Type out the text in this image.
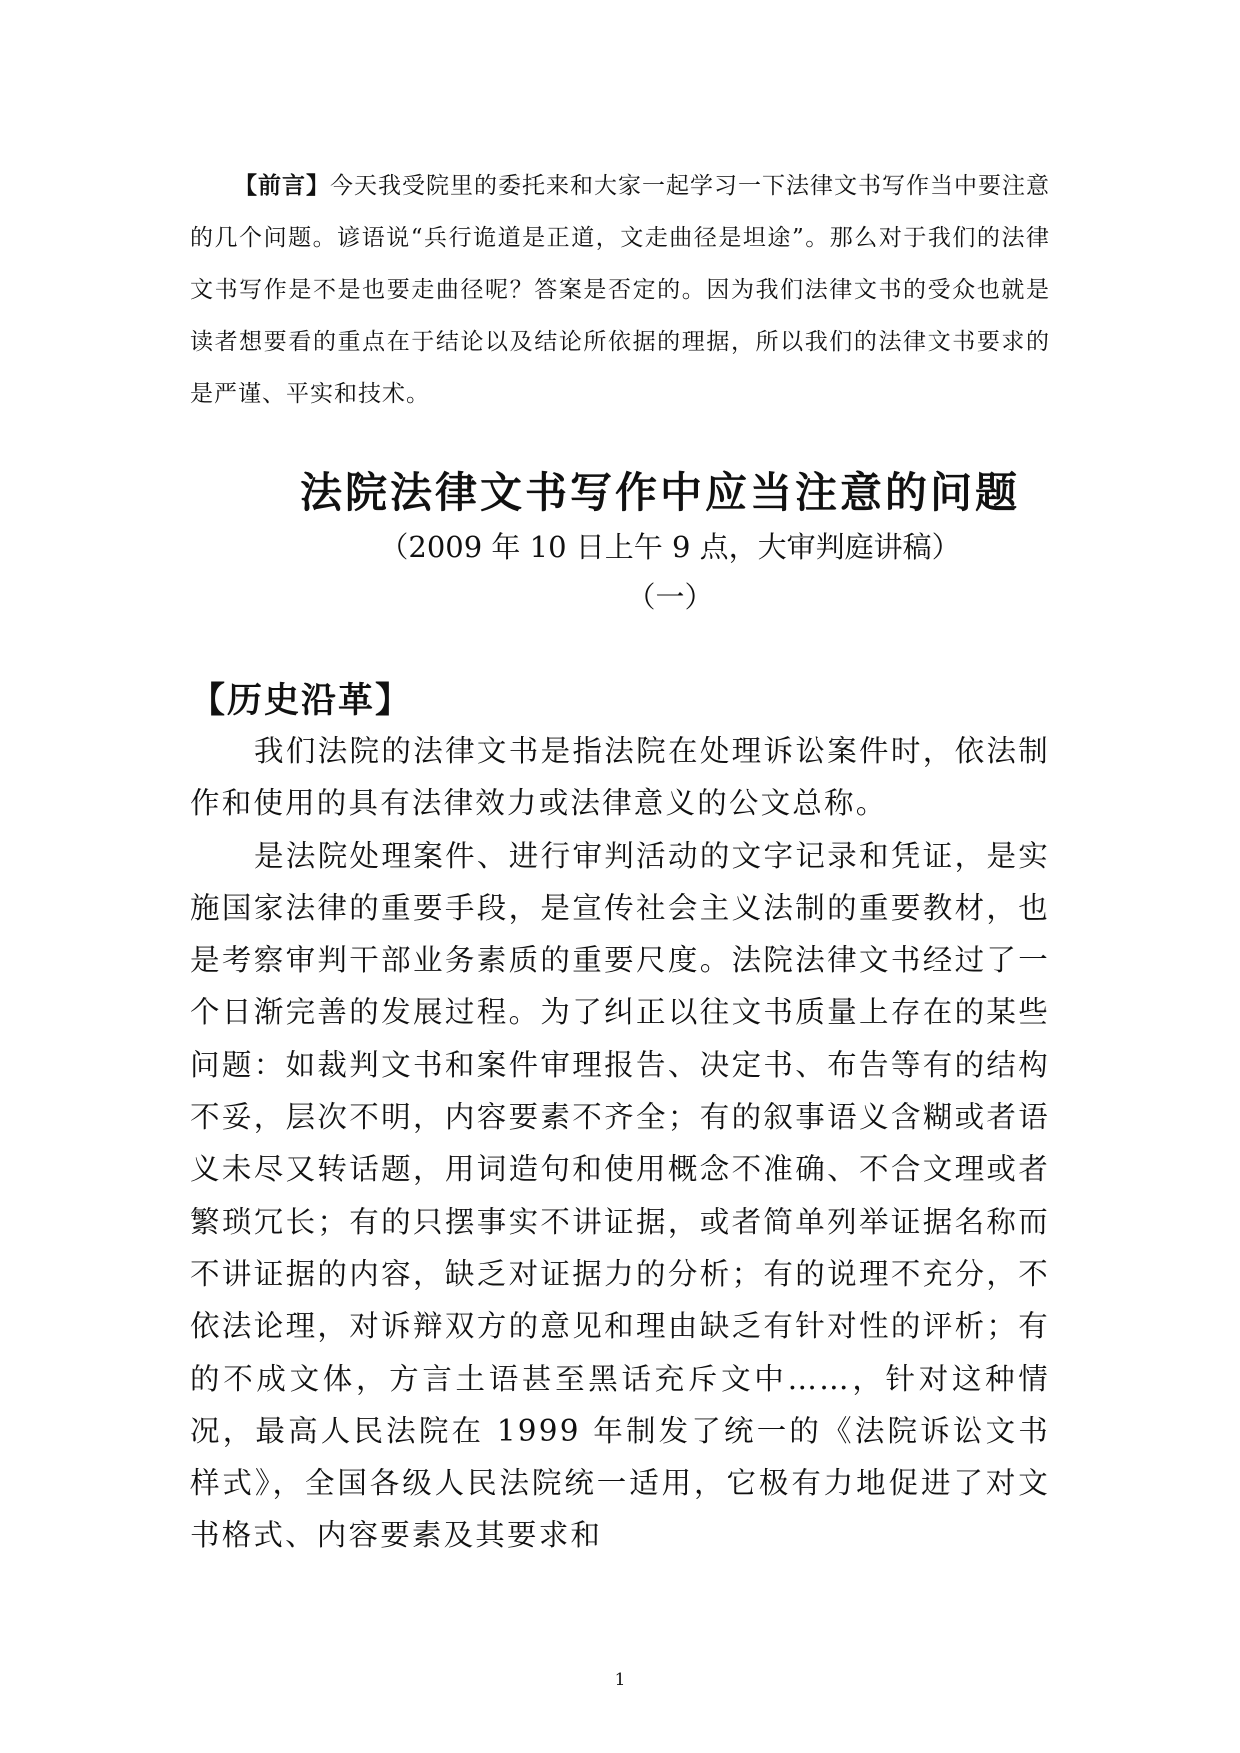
【前言】今天我受院里的委托来和大家一起学习一下法律文书写作当中要注意的几个问题。谚语说“兵行诡道是正道，文走曲径是坦途”。那么对于我们的法律文书写作是不是也要走曲径呢？答案是否定的。因为我们法律文书的受众也就是读者想要看的重点在于结论以及结论所依据的理据，所以我们的法律文书要求的是严谨、平实和技术。

法院法律文书写作中应当注意的问题

（2009 年 10 日上午 9 点，大审判庭讲稿）

（一）

【历史沿革】

我们法院的法律文书是指法院在处理诉讼案件时，依法制作和使用的具有法律效力或法律意义的公文总称。

是法院处理案件、进行审判活动的文字记录和凭证，是实施国家法律的重要手段，是宣传社会主义法制的重要教材，也是考察审判干部业务素质的重要尺度。法院法律文书经过了一个日渐完善的发展过程。为了纠正以往文书质量上存在的某些问题：如裁判文书和案件审理报告、决定书、布告等有的结构不妥，层次不明，内容要素不齐全；有的叙事语义含糊或者语义未尽又转话题，用词造句和使用概念不准确、不合文理或者繁琐冗长；有的只摆事实不讲证据，或者简单列举证据名称而不讲证据的内容，缺乏对证据力的分析；有的说理不充分，不依法论理，对诉辩双方的意见和理由缺乏有针对性的评析；有的不成文体，方言土语甚至黑话充斥文中……，针对这种情况，最高人民法院在 1999 年制发了统一的《法院诉讼文书样式》，全国各级人民法院统一适用，它极有力地促进了对文书格式、内容要素及其要求和

1
